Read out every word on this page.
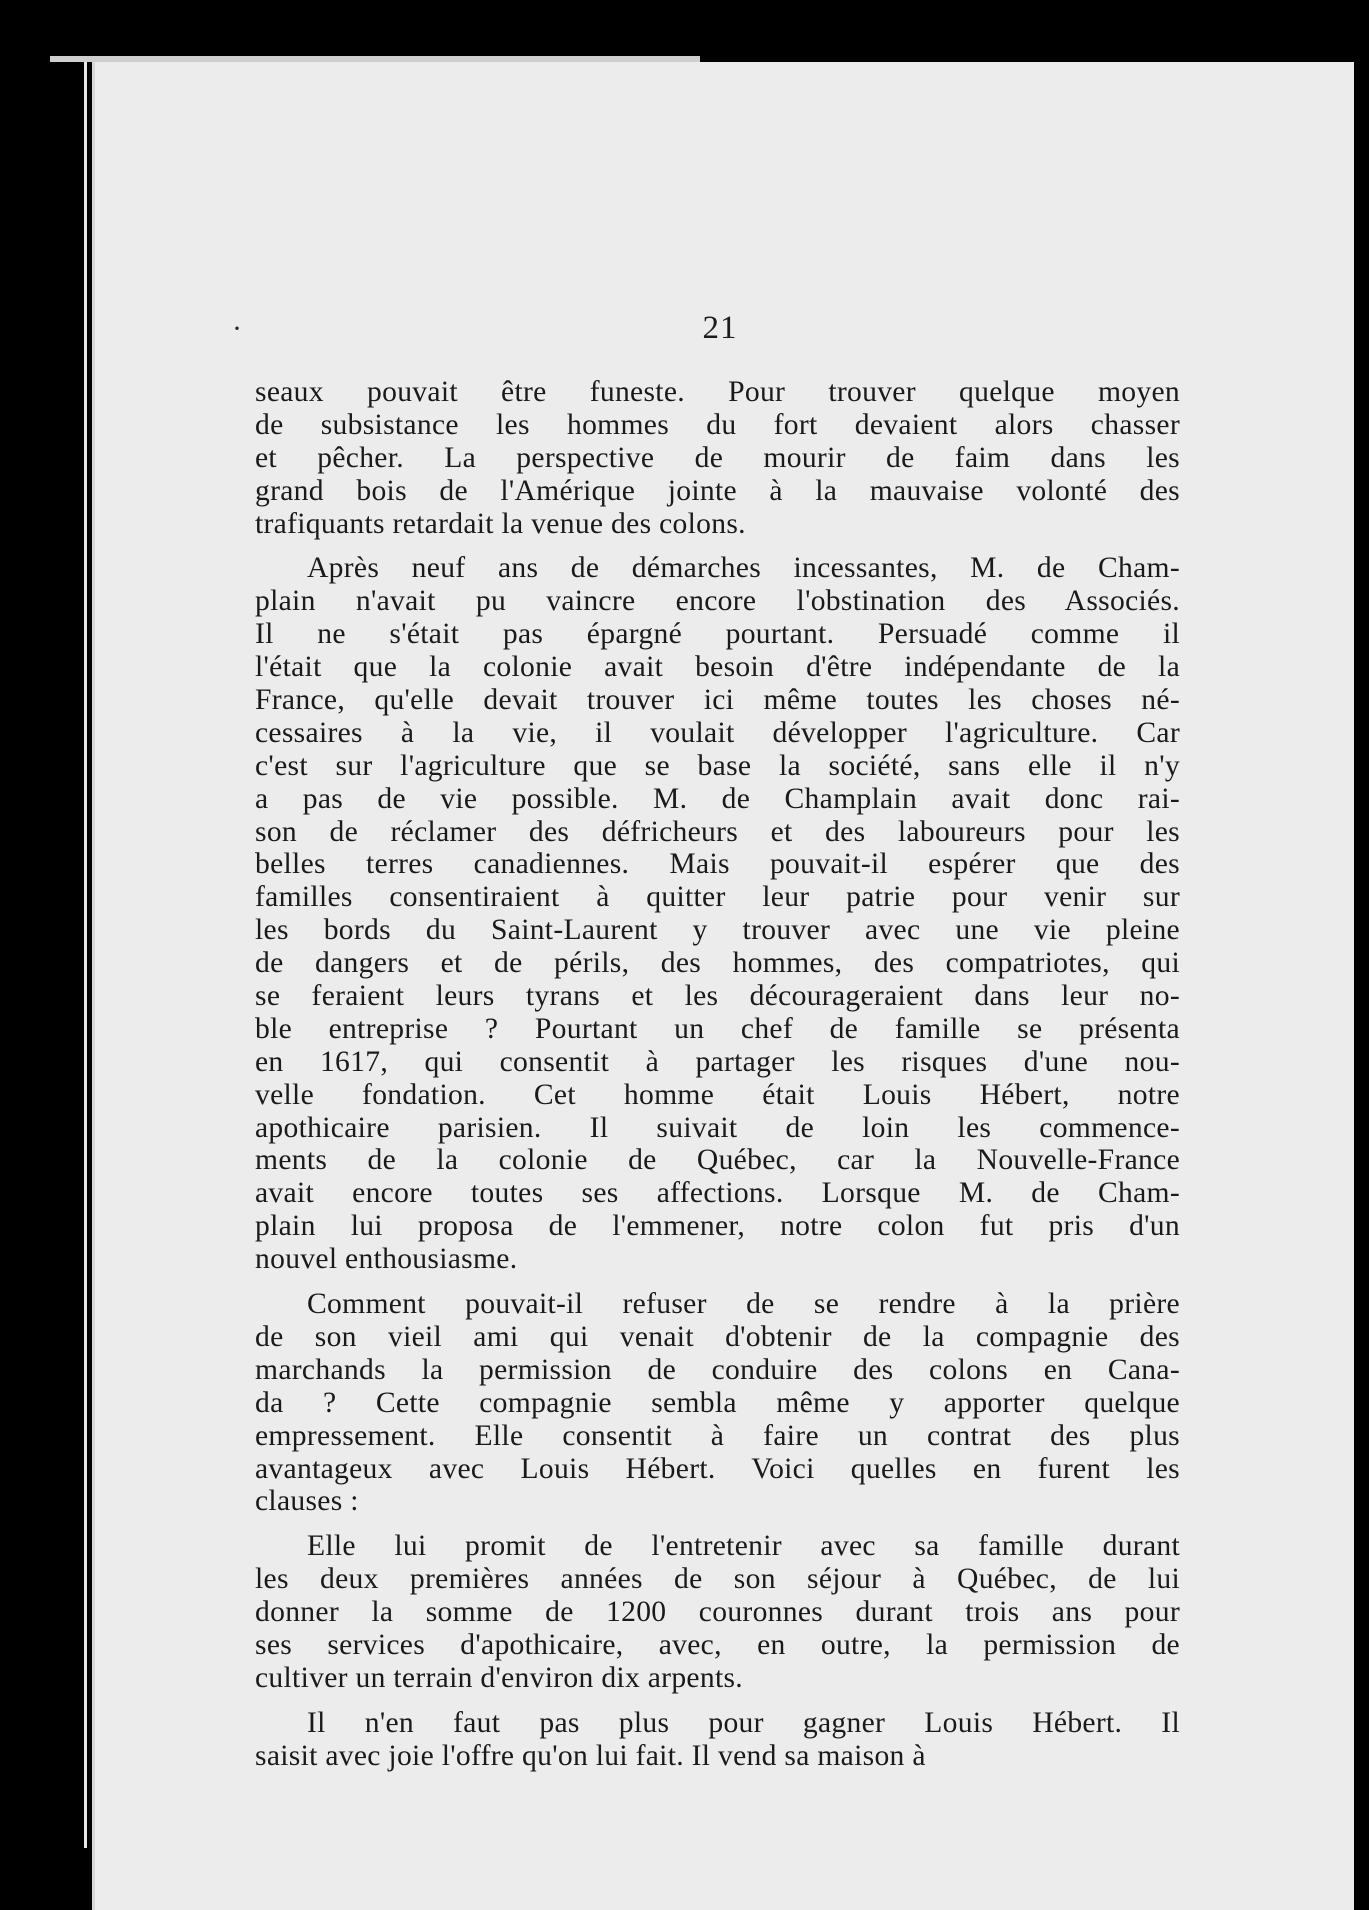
21
seaux pouvait être funeste. Pour trouver quelque moyen
de subsistance les hommes du fort devaient alors chasser
et pêcher. La perspective de mourir de faim dans les
grand bois de l'Amérique jointe à la mauvaise volonté des
trafiquants retardait la venue des colons.
Après neuf ans de démarches incessantes, M. de Cham-
plain n'avait pu vaincre encore l'obstination des Associés.
Il ne s'était pas épargné pourtant. Persuadé comme il
l'était que la colonie avait besoin d'être indépendante de la
France, qu'elle devait trouver ici même toutes les choses né-
cessaires à la vie, il voulait développer l'agriculture. Car
c'est sur l'agriculture que se base la société, sans elle il n'y
a pas de vie possible. M. de Champlain avait donc rai-
son de réclamer des défricheurs et des laboureurs pour les
belles terres canadiennes. Mais pouvait-il espérer que des
familles consentiraient à quitter leur patrie pour venir sur
les bords du Saint-Laurent y trouver avec une vie pleine
de dangers et de périls, des hommes, des compatriotes, qui
se feraient leurs tyrans et les décourageraient dans leur no-
ble entreprise ? Pourtant un chef de famille se présenta
en 1617, qui consentit à partager les risques d'une nou-
velle fondation. Cet homme était Louis Hébert, notre
apothicaire parisien. Il suivait de loin les commence-
ments de la colonie de Québec, car la Nouvelle-France
avait encore toutes ses affections. Lorsque M. de Cham-
plain lui proposa de l'emmener, notre colon fut pris d'un
nouvel enthousiasme.
Comment pouvait-il refuser de se rendre à la prière
de son vieil ami qui venait d'obtenir de la compagnie des
marchands la permission de conduire des colons en Cana-
da ? Cette compagnie sembla même y apporter quelque
empressement. Elle consentit à faire un contrat des plus
avantageux avec Louis Hébert. Voici quelles en furent les
clauses :
Elle lui promit de l'entretenir avec sa famille durant
les deux premières années de son séjour à Québec, de lui
donner la somme de 1200 couronnes durant trois ans pour
ses services d'apothicaire, avec, en outre, la permission de
cultiver un terrain d'environ dix arpents.
Il n'en faut pas plus pour gagner Louis Hébert. Il
saisit avec joie l'offre qu'on lui fait. Il vend sa maison à
·
